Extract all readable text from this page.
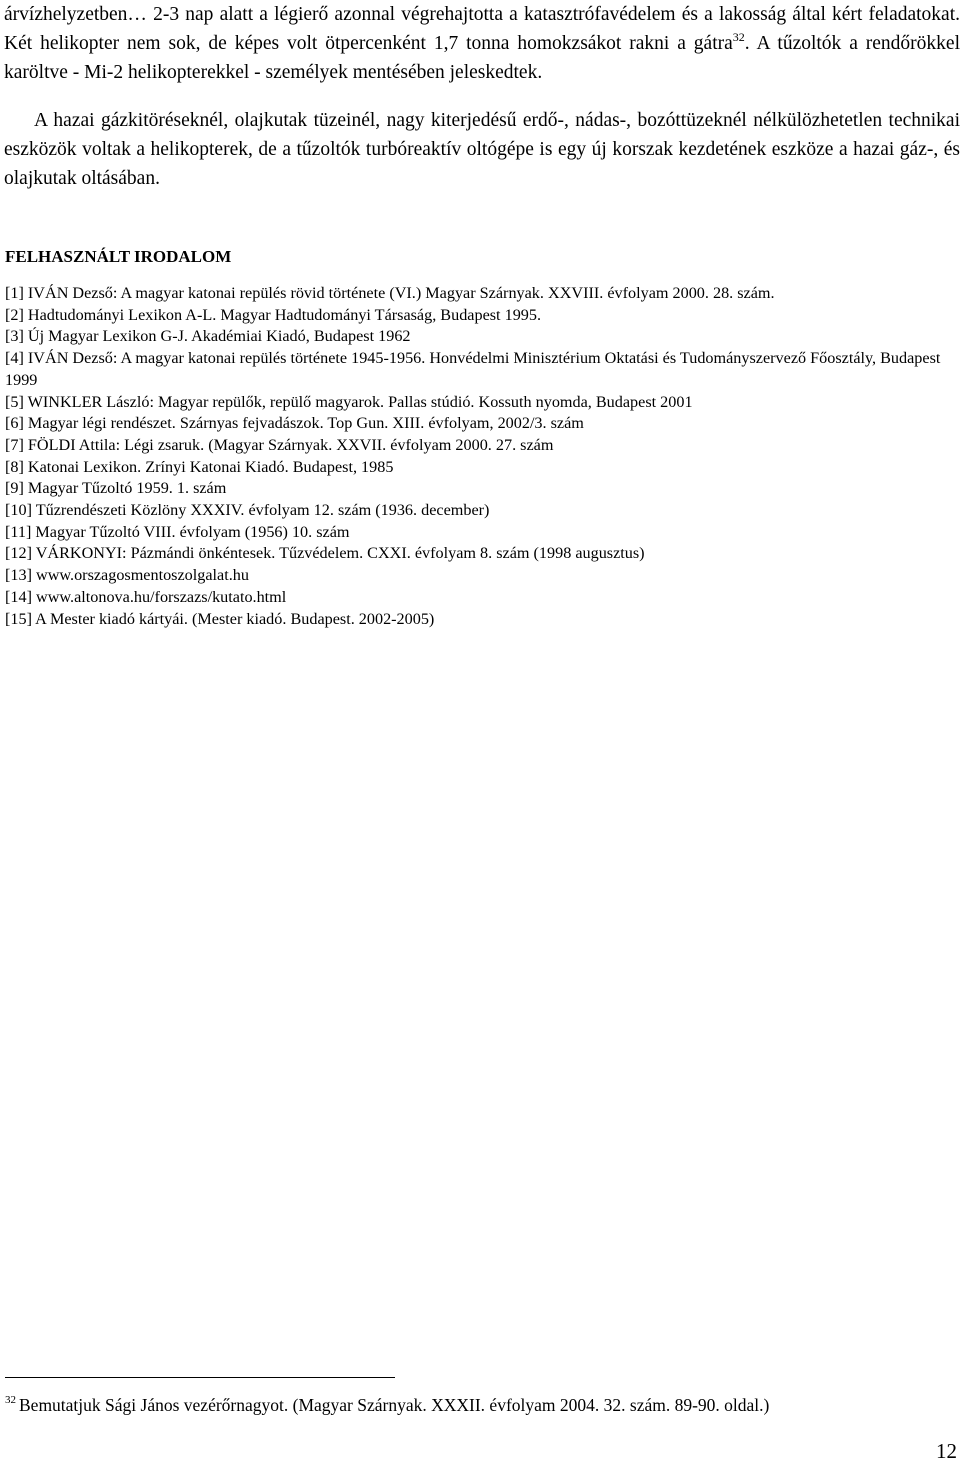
árvízhelyzetben… 2-3 nap alatt a légierő azonnal végrehajtotta a katasztrófavédelem és a lakosság által kért feladatokat. Két helikopter nem sok, de képes volt ötpercenként 1,7 tonna homokzsákot rakni a gátra$^{32}$. A tűzoltók a rendőrökkel karöltve - Mi-2 helikopterekkel - személyek mentésében jeleskedtek.

A hazai gázkitöréseknél, olajkutak tüzeinél, nagy kiterjedésű erdő-, nádas-, bozóttüzeknél nélkülözhetetlen technikai eszközök voltak a helikopterek, de a tűzoltók turbóreaktív oltógépe is egy új korszak kezdetének eszköze a hazai gáz-, és olajkutak oltásában.

FELHASZNÁLT IRODALOM
[1] IVÁN Dezső: A magyar katonai repülés rövid története (VI.) Magyar Szárnyak. XXVIII. évfolyam 2000. 28. szám.
[2] Hadtudományi Lexikon A-L. Magyar Hadtudományi Társaság, Budapest 1995.
[3] Új Magyar Lexikon G-J. Akadémiai Kiadó, Budapest 1962
[4] IVÁN Dezső: A magyar katonai repülés története 1945-1956. Honvédelmi Minisztérium Oktatási és Tudományszervező Főosztály, Budapest 1999
[5] WINKLER László: Magyar repülők, repülő magyarok. Pallas stúdió. Kossuth nyomda, Budapest 2001
[6] Magyar légi rendészet. Szárnyas fejvadászok. Top Gun. XIII. évfolyam, 2002/3. szám
[7] FÖLDI Attila: Légi zsaruk. (Magyar Szárnyak. XXVII. évfolyam 2000. 27. szám
[8] Katonai Lexikon. Zrínyi Katonai Kiadó. Budapest, 1985
[9] Magyar Tűzoltó 1959. 1. szám
[10] Tűzrendészeti Közlöny XXXIV. évfolyam 12. szám (1936. december)
[11] Magyar Tűzoltó VIII. évfolyam (1956) 10. szám
[12] VÁRKONYI: Pázmándi önkéntesek. Tűzvédelem. CXXI. évfolyam 8. szám (1998 augusztus)
[13] www.orszagosmentoszolgalat.hu
[14] www.altonova.hu/forszazs/kutato.html
[15] A Mester kiadó kártyái. (Mester kiadó. Budapest. 2002-2005)
$^{32}$ Bemutatjuk Sági János vezérőrnagyot. (Magyar Szárnyak. XXXII. évfolyam 2004. 32. szám. 89-90. oldal.)
12
